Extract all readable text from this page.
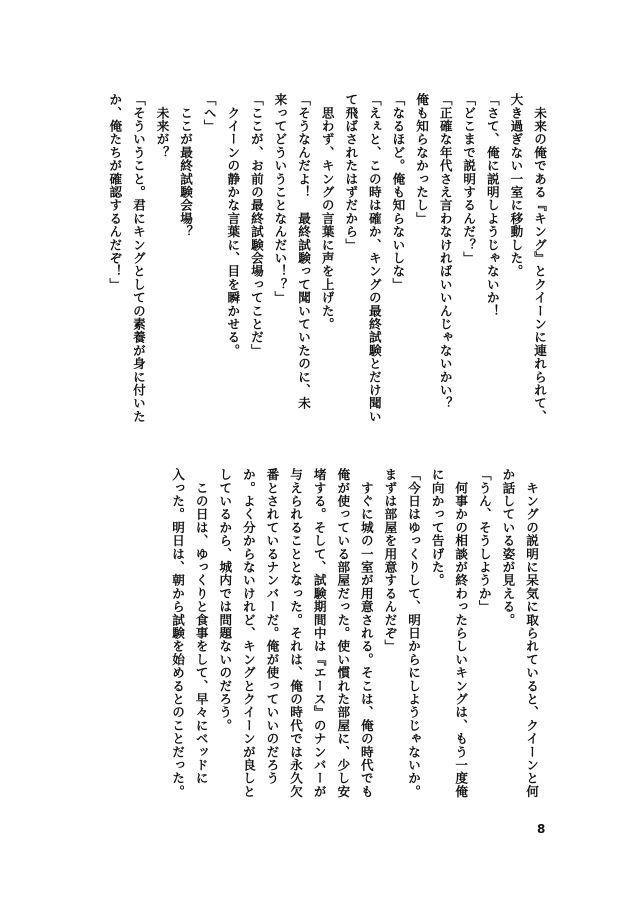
　未来の俺である『キング』とクイーンに連れられて、
大き過ぎない一室に移動した。
「さて、俺に説明しようじゃないか！
「どこまで説明するんだ？」
「正確な年代さえ言わなければいいんじゃないかい？
俺も知らなかったし」
「なるほど。俺も知らないしな」
「えぇと、この時は確か、キングの最終試験とだけ聞い
て飛ばされたはずだから」
　思わず、キングの言葉に声を上げた。
「そうなんだよ！　最終試験って聞いていたのに、未
来ってどういうことなんだい！？」
「ここが、お前の最終試験会場ってことだ」
　クイーンの静かな言葉に、目を瞬かせる。
「へ」
　ここが最終試験会場？
　未来が？
「そういうこと。君にキングとしての素養が身に付いた
か、俺たちが確認するんだぞ！」
　キングの説明に呆気に取られていると、クイーンと何
か話している姿が見える。
「うん、そうしようか」
　何事かの相談が終わったらしいキングは、もう一度俺
に向かって告げた。
「今日はゆっくりして、明日からにしようじゃないか。
まずは部屋を用意するんだぞ」
　すぐに城の一室が用意される。そこは、俺の時代でも
俺が使っている部屋だった。使い慣れた部屋に、少し安
堵する。そして、試験期間中は『エース』のナンバーが
与えられることとなった。それは、俺の時代では永久欠
番とされているナンバーだ。俺が使っていいのだろう
か。よく分からないけれど、キングとクイーンが良しと
しているから、城内では問題ないのだろう。
　この日は、ゆっくりと食事をして、早々にベッドに
入った。明日は、朝から試験を始めるとのことだった。
8
